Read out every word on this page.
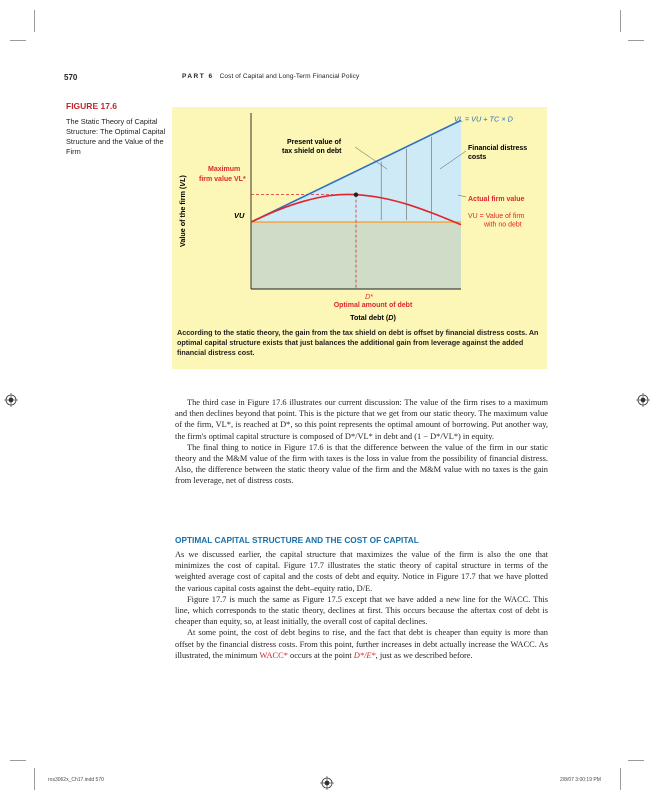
570	PART 6 Cost of Capital and Long-Term Financial Policy
FIGURE 17.6
The Static Theory of Capital Structure: The Optimal Capital Structure and the Value of the Firm
VL = VU + TC × D
Present value of
tax shield on debt	Financial distress
costs
Maximum
firm value VL*
VU
Actual firm value
VU = Value of firm
with no debt
D*
Optimal amount of debt
Total debt (D)
Value of the firm (VL)
According to the static theory, the gain from the tax shield on debt is offset by financial distress costs. An optimal capital structure exists that just balances the additional gain from leverage against the added financial distress cost.

The third case in Figure 17.6 illustrates our current discussion: The value of the firm rises to a maximum and then declines beyond that point. This is the picture that we get from our static theory. The maximum value of the firm, VL*, is reached at D*, so this point represents the optimal amount of borrowing. Put another way, the firm's optimal capital structure is composed of D*/VL* in debt and (1 − D*/VL*) in equity.

The final thing to notice in Figure 17.6 is that the difference between the value of the firm in our static theory and the M&M value of the firm with taxes is the loss in value from the possibility of financial distress. Also, the difference between the static theory value of the firm and the M&M value with no taxes is the gain from leverage, net of distress costs.

OPTIMAL CAPITAL STRUCTURE AND THE COST OF CAPITAL

As we discussed earlier, the capital structure that maximizes the value of the firm is also the one that minimizes the cost of capital. Figure 17.7 illustrates the static theory of capital structure in terms of the weighted average cost of capital and the costs of debt and equity. Notice in Figure 17.7 that we have plotted the various capital costs against the debt–equity ratio, D/E.

Figure 17.7 is much the same as Figure 17.5 except that we have added a new line for the WACC. This line, which corresponds to the static theory, declines at first. This occurs because the aftertax cost of debt is cheaper than equity, so, at least initially, the overall cost of capital declines.

At some point, the cost of debt begins to rise, and the fact that debt is cheaper than equity is more than offset by the financial distress costs. From this point, further increases in debt actually increase the WACC. As illustrated, the minimum WACC* occurs at the point D*/E*, just as we described before.

ros3062x_Ch17.indd 570	2/8/07 3:00:19 PM
